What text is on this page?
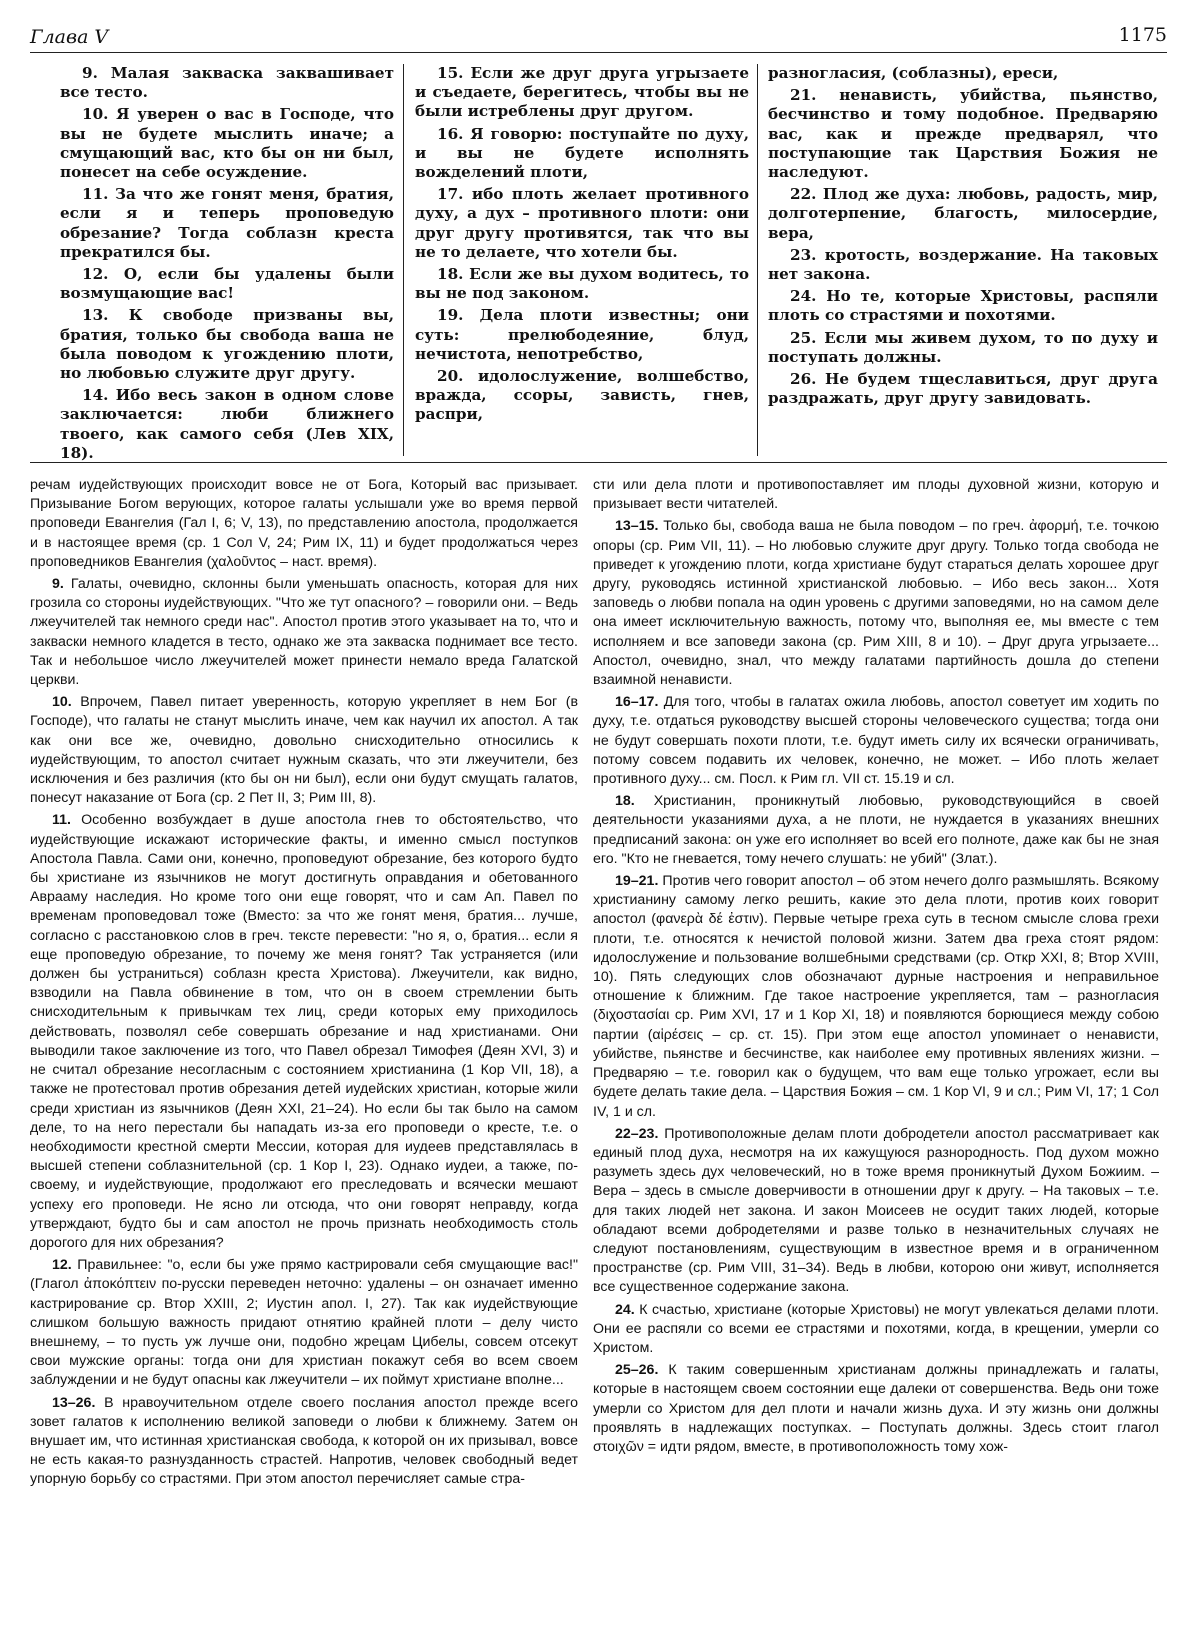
Глава V	1175

9. Малая закваска заквашивает все тесто.

10. Я уверен о вас в Господе, что вы не будете мыслить иначе; а смущающий вас, кто бы он ни был, понесет на себе осуждение.

11. За что же гонят меня, братия, если я и теперь проповедую обрезание? Тогда соблазн креста прекратился бы.

12. О, если бы удалены были возмущающие вас!

13. К свободе призваны вы, братия, только бы свобода ваша не была поводом к угождению плоти, но любовью служите друг другу.

14. Ибо весь закон в одном слове заключается: люби ближнего твоего, как самого себя (Лев XIX, 18).

15. Если же друг друга угрызаете и съедаете, берегитесь, чтобы вы не были истреблены друг другом.

16. Я говорю: поступайте по духу, и вы не будете исполнять вожделений плоти,

17. ибо плоть желает противного духу, а дух – противного плоти: они друг другу противятся, так что вы не то делаете, что хотели бы.

18. Если же вы духом водитесь, то вы не под законом.

19. Дела плоти известны; они суть: прелюбодеяние, блуд, нечистота, непотребство,

20. идолослужение, волшебство, вражда, ссоры, зависть, гнев, распри,

разногласия, (соблазны), ереси,

21. ненависть, убийства, пьянство, бесчинство и тому подобное. Предваряю вас, как и прежде предварял, что поступающие так Царствия Божия не наследуют.

22. Плод же духа: любовь, радость, мир, долготерпение, благость, милосердие, вера,

23. кротость, воздержание. На таковых нет закона.

24. Но те, которые Христовы, распяли плоть со страстями и похотями.

25. Если мы живем духом, то по духу и поступать должны.

26. Не будем тщеславиться, друг друга раздражать, друг другу завидовать.

речам иудействующих происходит вовсе не от Бога, Который вас призывает. Призывание Богом верующих, которое галаты услышали уже во время первой проповеди Евангелия (Гал I, 6; V, 13), по представлению апостола, продолжается и в настоящее время (ср. 1 Сол V, 24; Рим IX, 11) и будет продолжаться через проповедников Евангелия (χαλοῦντος – наст. время).

9. Галаты, очевидно, склонны были уменьшать опасность, которая для них грозила со стороны иудействующих. "Что же тут опасного? – говорили они. – Ведь лжеучителей так немного среди нас". Апостол против этого указывает на то, что и закваски немного кладется в тесто, однако же эта закваска поднимает все тесто. Так и небольшое число лжеучителей может принести немало вреда Галатской церкви.

10. Впрочем, Павел питает уверенность, которую укрепляет в нем Бог (в Господе), что галаты не станут мыслить иначе, чем как научил их апостол. А так как они все же, очевидно, довольно снисходительно относились к иудействующим, то апостол считает нужным сказать, что эти лжеучители, без исключения и без различия (кто бы он ни был), если они будут смущать галатов, понесут наказание от Бога (ср. 2 Пет II, 3; Рим III, 8).

11. Особенно возбуждает в душе апостола гнев то обстоятельство, что иудействующие искажают исторические факты, и именно смысл поступков Апостола Павла. Сами они, конечно, проповедуют обрезание, без которого будто бы христиане из язычников не могут достигнуть оправдания и обетованного Аврааму наследия. Но кроме того они еще говорят, что и сам Ап. Павел по временам проповедовал тоже (Вместо: за что же гонят меня, братия... лучше, согласно с расстановкою слов в греч. тексте перевести: "но я, о, братия... если я еще проповедую обрезание, то почему же меня гонят? Так устраняется (или должен бы устраниться) соблазн креста Христова). Лжеучители, как видно, взводили на Павла обвинение в том, что он в своем стремлении быть снисходительным к привычкам тех лиц, среди которых ему приходилось действовать, позволял себе совершать обрезание и над христианами. Они выводили такое заключение из того, что Павел обрезал Тимофея (Деян XVI, 3) и не считал обрезание несогласным с состоянием христианина (1 Кор VII, 18), а также не протестовал против обрезания детей иудейских христиан, которые жили среди христиан из язычников (Деян XXI, 21–24). Но если бы так было на самом деле, то на него перестали бы нападать из-за его проповеди о кресте, т.е. о необходимости крестной смерти Мессии, которая для иудеев представлялась в высшей степени соблазнительной (ср. 1 Кор I, 23). Однако иудеи, а также, по-своему, и иудействующие, продолжают его преследовать и всячески мешают успеху его проповеди. Не ясно ли отсюда, что они говорят неправду, когда утверждают, будто бы и сам апостол не прочь признать необходимость столь дорогого для них обрезания?

12. Правильнее: "о, если бы уже прямо кастрировали себя смущающие вас!" (Глагол ἀποκόπτειν по-русски переведен неточно: удалены – он означает именно кастрирование ср. Втор XXIII, 2; Иустин апол. I, 27). Так как иудействующие слишком большую важность придают отнятию крайней плоти – делу чисто внешнему, – то пусть уж лучше они, подобно жрецам Цибелы, совсем отсекут свои мужские органы: тогда они для христиан покажут себя во всем своем заблуждении и не будут опасны как лжеучители – их поймут христиане вполне...

13–26. В нравоучительном отделе своего послания апостол прежде всего зовет галатов к исполнению великой заповеди о любви к ближнему. Затем он внушает им, что истинная христианская свобода, к которой он их призывал, вовсе не есть какая-то разнузданность страстей. Напротив, человек свободный ведет упорную борьбу со страстями. При этом апостол перечисляет самые стра-

сти или дела плоти и противопоставляет им плоды духовной жизни, которую и призывает вести читателей.

13–15. Только бы, свобода ваша не была поводом – по греч. ἀφορμή, т.е. точкою опоры (ср. Рим VII, 11). – Но любовью служите друг другу. Только тогда свобода не приведет к угождению плоти, когда христиане будут стараться делать хорошее друг другу, руководясь истинной христианской любовью. – Ибо весь закон... Хотя заповедь о любви попала на один уровень с другими заповедями, но на самом деле она имеет исключительную важность, потому что, выполняя ее, мы вместе с тем исполняем и все заповеди закона (ср. Рим XIII, 8 и 10). – Друг друга угрызаете... Апостол, очевидно, знал, что между галатами партийность дошла до степени взаимной ненависти.

16–17. Для того, чтобы в галатах ожила любовь, апостол советует им ходить по духу, т.е. отдаться руководству высшей стороны человеческого существа; тогда они не будут совершать похоти плоти, т.е. будут иметь силу их всячески ограничивать, потому совсем подавить их человек, конечно, не может. – Ибо плоть желает противного духу... см. Посл. к Рим гл. VII ст. 15.19 и сл.

18. Христианин, проникнутый любовью, руководствующийся в своей деятельности указаниями духа, а не плоти, не нуждается в указаниях внешних предписаний закона: он уже его исполняет во всей его полноте, даже как бы не зная его. "Кто не гневается, тому нечего слушать: не убий" (Злат.).

19–21. Против чего говорит апостол – об этом нечего долго размышлять. Всякому христианину самому легко решить, какие это дела плоти, против коих говорит апостол (φανερὰ δέ ἐστιν). Первые четыре греха суть в тесном смысле слова грехи плоти, т.е. относятся к нечистой половой жизни. Затем два греха стоят рядом: идолослужение и пользование волшебными средствами (ср. Откр XXI, 8; Втор XVIII, 10). Пять следующих слов обозначают дурные настроения и неправильное отношение к ближним. Где такое настроение укрепляется, там – разногласия (διχοστασίαι ср. Рим XVI, 17 и 1 Кор XI, 18) и появляются борющиеся между собою партии (αἱρέσεις – ср. ст. 15). При этом еще апостол упоминает о ненависти, убийстве, пьянстве и бесчинстве, как наиболее ему противных явлениях жизни. – Предваряю – т.е. говорил как о будущем, что вам еще только угрожает, если вы будете делать такие дела. – Царствия Божия – см. 1 Кор VI, 9 и сл.; Рим VI, 17; 1 Сол IV, 1 и сл.

22–23. Противоположные делам плоти добродетели апостол рассматривает как единый плод духа, несмотря на их кажущуюся разнородность. Под духом можно разуметь здесь дух человеческий, но в тоже время проникнутый Духом Божиим. – Вера – здесь в смысле доверчивости в отношении друг к другу. – На таковых – т.е. для таких людей нет закона. И закон Моисеев не осудит таких людей, которые обладают всеми добродетелями и разве только в незначительных случаях не следуют постановлениям, существующим в известное время и в ограниченном пространстве (ср. Рим VIII, 31–34). Ведь в любви, которою они живут, исполняется все существенное содержание закона.

24. К счастью, христиане (которые Христовы) не могут увлекаться делами плоти. Они ее распяли со всеми ее страстями и похотями, когда, в крещении, умерли со Христом.

25–26. К таким совершенным христианам должны принадлежать и галаты, которые в настоящем своем состоянии еще далеки от совершенства. Ведь они тоже умерли со Христом для дел плоти и начали жизнь духа. И эту жизнь они должны проявлять в надлежащих поступках. – Поступать должны. Здесь стоит глагол στοιχῶν = идти рядом, вместе, в противоположность тому хож-
